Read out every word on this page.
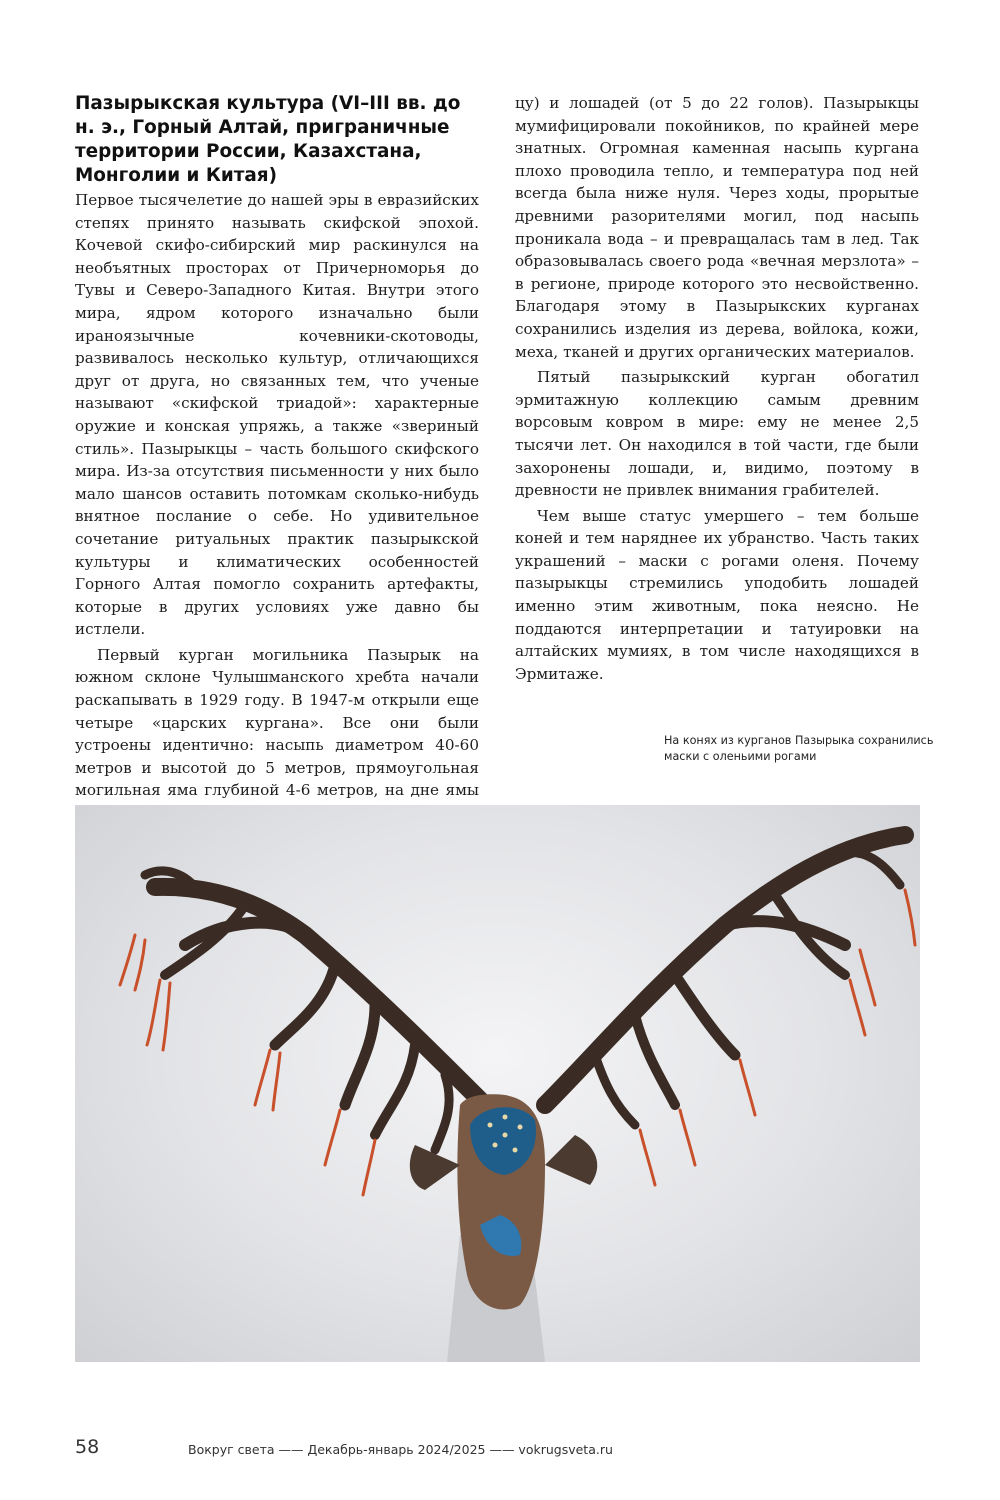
Пазырыкская культура (VI–III вв. до н. э., Горный Алтай, приграничные территории России, Казахстана, Монголии и Китая)

Первое тысячелетие до нашей эры в евразийских степях принято называть скифской эпохой. Кочевой скифо-сибирский мир раскинулся на необъятных просторах от Причерноморья до Тувы и Северо-Западного Китая. Внутри этого мира, ядром которого изначально были ираноязычные кочевники-скотоводы, развивалось несколько культур, отличающихся друг от друга, но связанных тем, что ученые называют «скифской триадой»: характерные оружие и конская упряжь, а также «звериный стиль». Пазырыкцы – часть большого скифского мира. Из-за отсутствия письменности у них было мало шансов оставить потомкам сколько-нибудь внятное послание о себе. Но удивительное сочетание ритуальных практик пазырыкской культуры и климатических особенностей Горного Алтая помогло сохранить артефакты, которые в других условиях уже давно бы истлели.

Первый курган могильника Пазырык на южном склоне Чулышманского хребта начали раскапывать в 1929 году. В 1947-м открыли еще четыре «царских кургана». Все они были устроены идентично: насыпь диаметром 40-60 метров и высотой до 5 метров, прямоугольная могильная яма глубиной 4-6 метров, на дне ямы

цу) и лошадей (от 5 до 22 голов). Пазырыкцы мумифицировали покойников, по крайней мере знатных. Огромная каменная насыпь кургана плохо проводила тепло, и температура под ней всегда была ниже нуля. Через ходы, прорытые древними разорителями могил, под насыпь проникала вода – и превращалась там в лед. Так образовывалась своего рода «вечная мерзлота» – в регионе, природе которого это несвойственно. Благодаря этому в Пазырыкских курганах сохранились изделия из дерева, войлока, кожи, меха, тканей и других органических материалов.

Пятый пазырыкский курган обогатил эрмитажную коллекцию самым древним ворсовым ковром в мире: ему не менее 2,5 тысячи лет. Он находился в той части, где были захоронены лошади, и, видимо, поэтому в древности не привлек внимания грабителей.

Чем выше статус умершего – тем больше коней и тем наряднее их убранство. Часть таких украшений – маски с рогами оленя. Почему пазырыкцы стремились уподобить лошадей именно этим животным, пока неясно. Не поддаются интерпретации и татуировки на алтайских мумиях, в том числе находящихся в Эрмитаже.

На конях из курганов Пазырыка сохранились маски с оленьими рогами
58	Вокруг света —— Декабрь-январь 2024/2025 —— vokrugsveta.ru
